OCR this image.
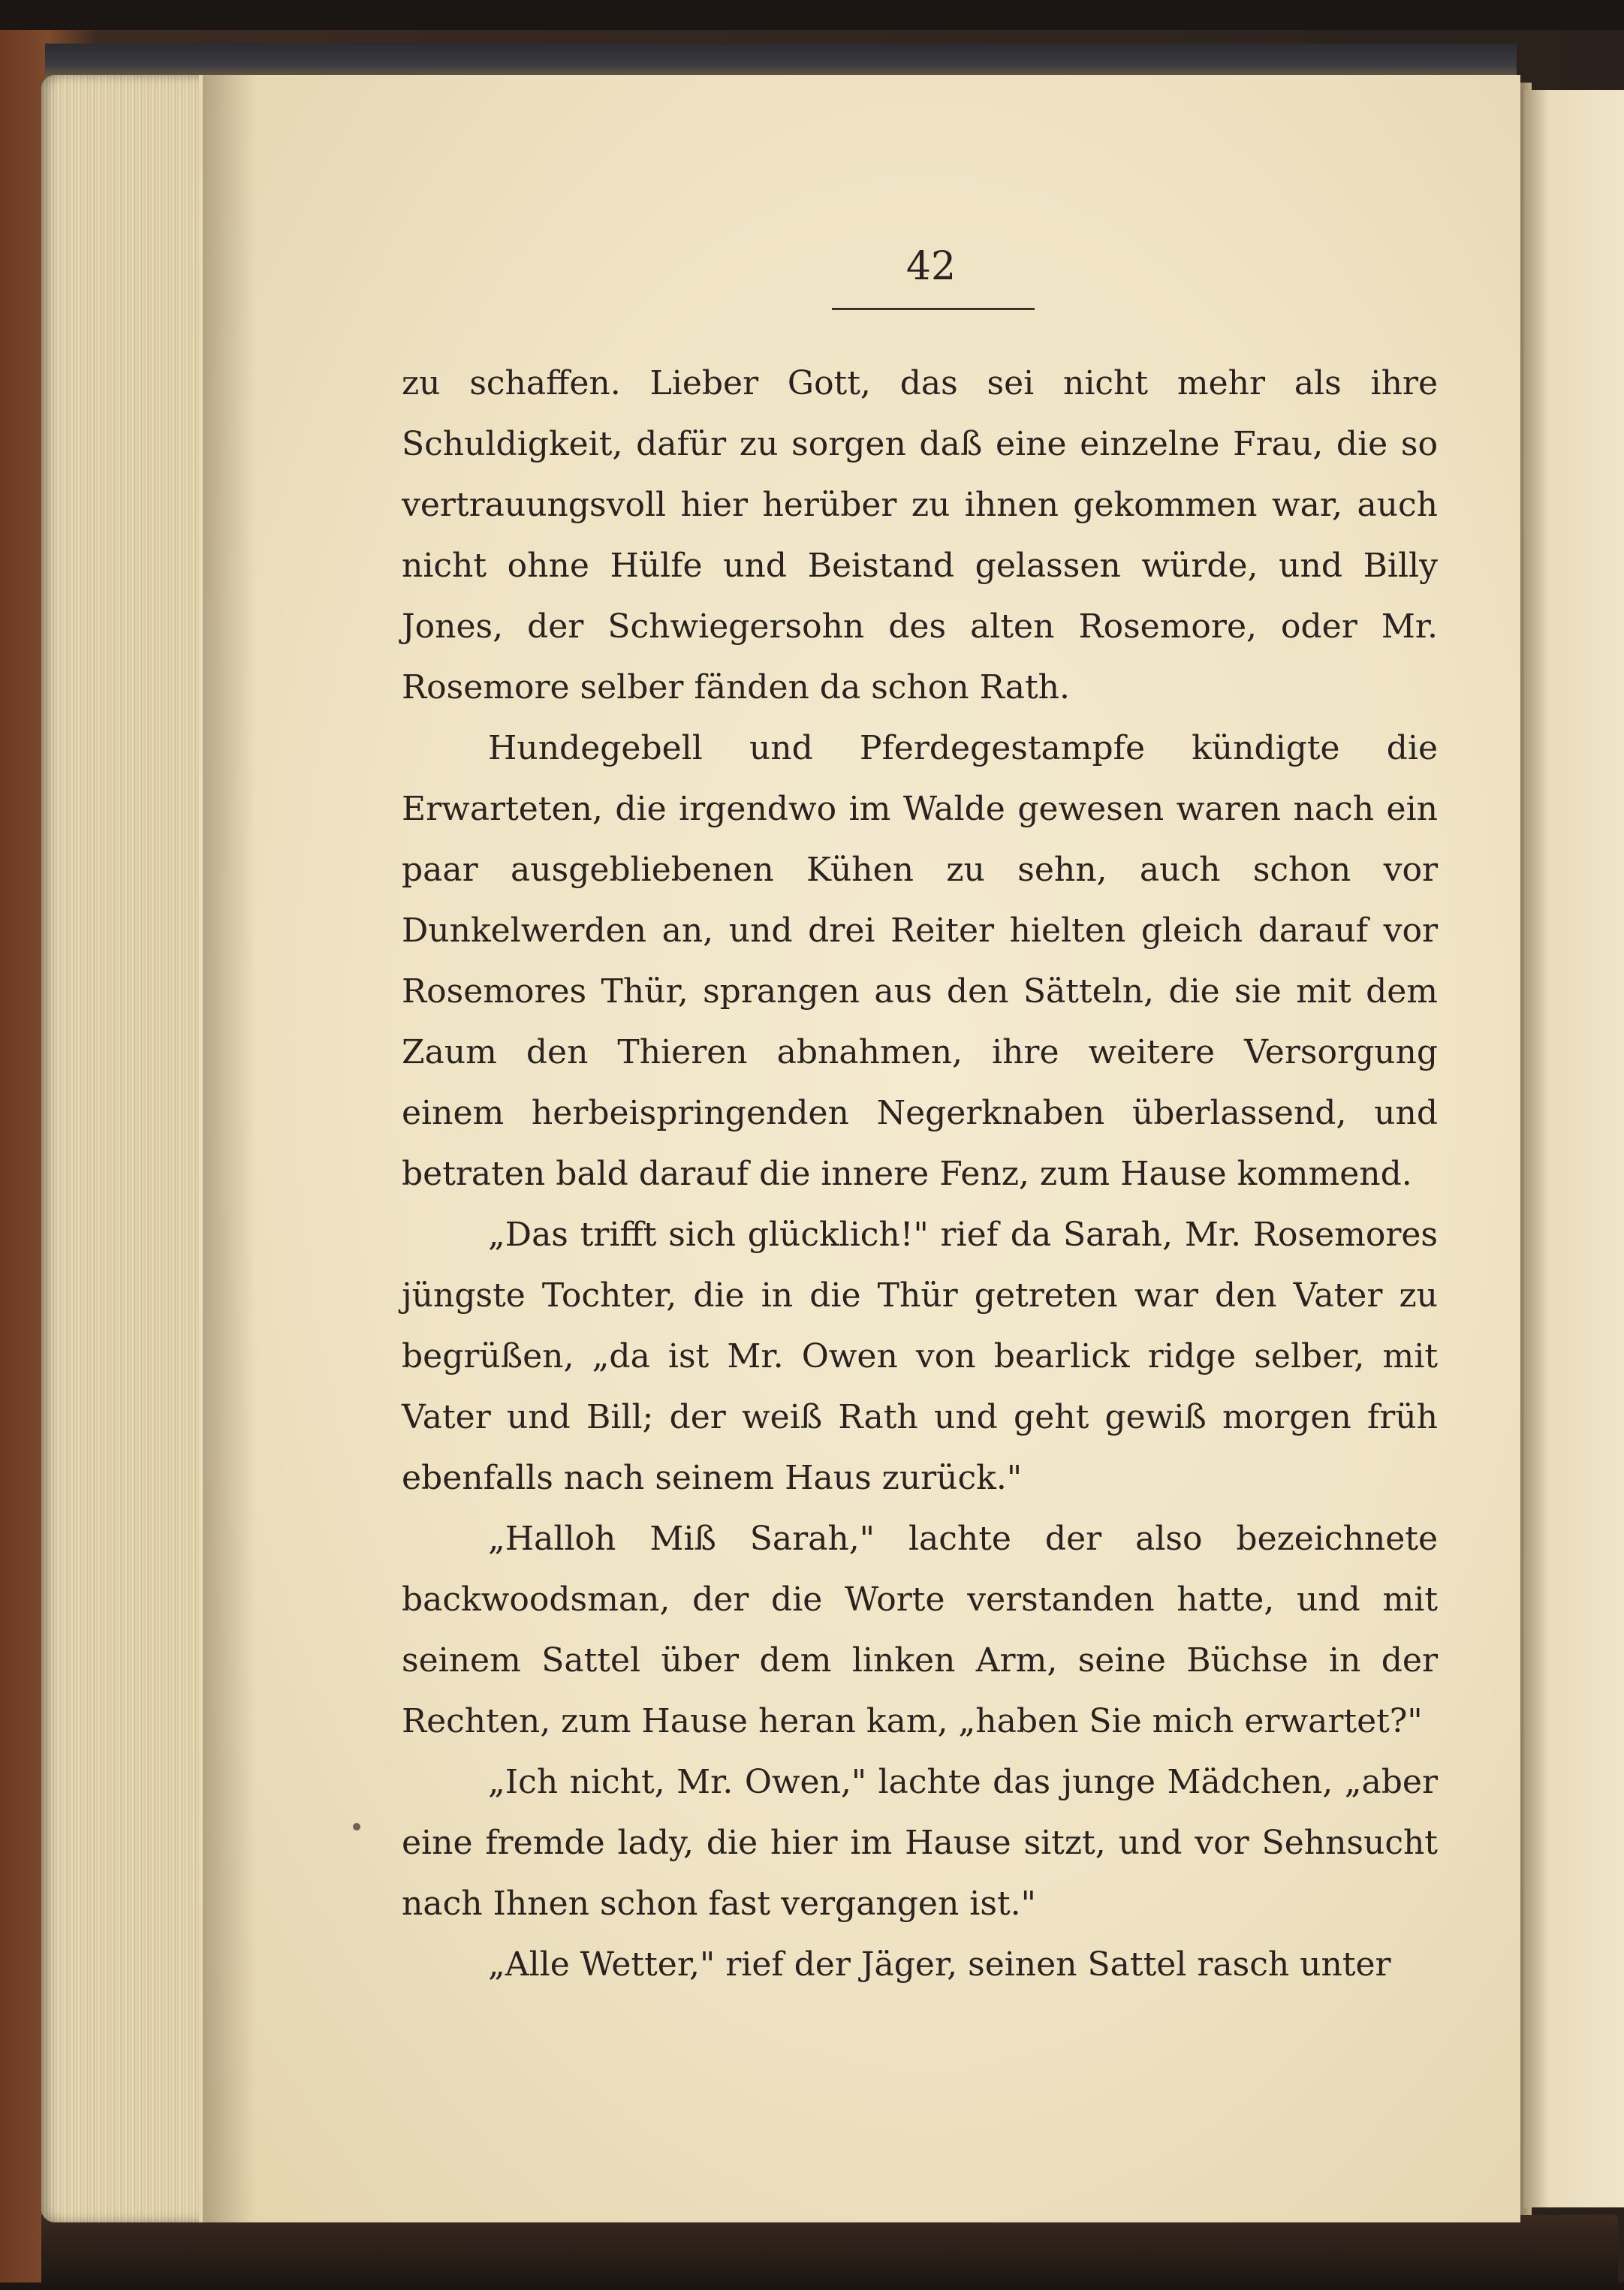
42

zu schaffen. Lieber Gott, das sei nicht mehr als ihre Schuldigkeit, dafür zu sorgen daß eine einzelne Frau, die so vertrauungsvoll hier herüber zu ihnen gekommen war, auch nicht ohne Hülfe und Beistand gelassen würde, und Billy Jones, der Schwiegersohn des alten Rosemore, oder Mr. Rosemore selber fänden da schon Rath.

Hundegebell und Pferdegestampfe kündigte die Erwarteten, die irgendwo im Walde gewesen waren nach ein paar ausgebliebenen Kühen zu sehn, auch schon vor Dunkelwerden an, und drei Reiter hielten gleich darauf vor Rosemores Thür, sprangen aus den Sätteln, die sie mit dem Zaum den Thieren abnahmen, ihre weitere Versorgung einem herbeispringenden Negerknaben überlassend, und betraten bald darauf die innere Fenz, zum Hause kommend.

„Das trifft sich glücklich!" rief da Sarah, Mr. Rosemores jüngste Tochter, die in die Thür getreten war den Vater zu begrüßen, „da ist Mr. Owen von bearlick ridge selber, mit Vater und Bill; der weiß Rath und geht gewiß morgen früh ebenfalls nach seinem Haus zurück."

„Halloh Miß Sarah," lachte der also bezeichnete backwoodsman, der die Worte verstanden hatte, und mit seinem Sattel über dem linken Arm, seine Büchse in der Rechten, zum Hause heran kam, „haben Sie mich erwartet?"

„Ich nicht, Mr. Owen," lachte das junge Mädchen, „aber eine fremde lady, die hier im Hause sitzt, und vor Sehnsucht nach Ihnen schon fast vergangen ist."

„Alle Wetter," rief der Jäger, seinen Sattel rasch unter
